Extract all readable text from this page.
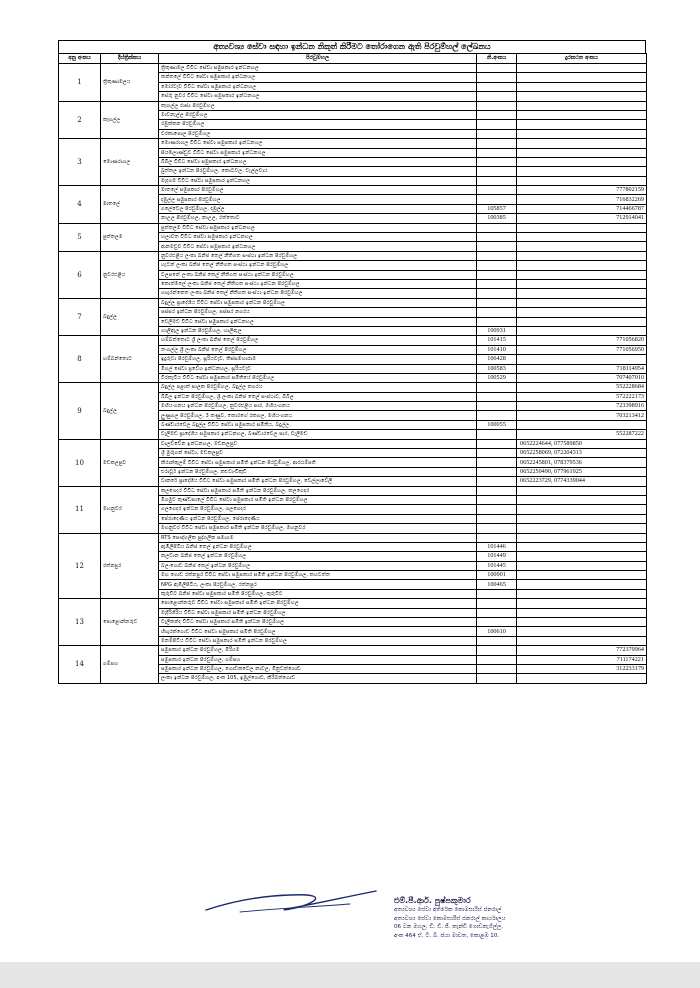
අත්‍යවශ්‍ය සේවා සඳහා ඉන්ධන නිකුත් කිරීමට තෝරාගෙන ඇති පිරවුම්හල් ලේඛනය
අනු අංකය	දිස්ත්‍රික්කය	පිරවුම්හල	නි.අංකය	දුරකථන අංකය
1	ත්‍රිකුණාමලය	ත්‍රිකුණාමල විවිධ සේවා සමුපකාර ඉන්ධනහල		
		කන්තලේ විවිධ සේවා සමුපකාර ඉන්ධනහල		
		මෝරවැව විවිධ සේවා සමුපකාර ඉන්ධනහල		
		සේරු නුවර විවිධ සේවා සමුපකාර ඉන්ධනහල		
2	කෑගල්ල	කෑගල්ල රාජ්‍ය පිරවුම්හල		
		මාවනැල්ල පිරවුම්හල		
		රඹුක්කන පිරවුම්හල		
		වරකාපොල පිරවුම්හල		
3	මොණරාගල	මොණරාගල විවිධ සේවා සමුපකාර ඉන්ධනහල		
		සියඹලාණ්ඩුව විවිධ සේවා සමුපකාර ඉන්ධනහල		
		බිබිල විවිධ සේවා සමුපකාර ඉන්ධනහල		
		බුත්තල ඉන්ධන පිරවුම්හල, කොටවල, වැල්ලවාය		
		මැදගම විවිධ සේවා සමුපකාර ඉන්ධනහල		
4	මාතලේ	මාතලේ සමුපකාර පිරවුම්හල		777802159
		දඹුල්ල සමුපකාර පිරවුම්හල		716832269
		ගලේවෙල පිරවුම්හල, දඹුල්ල	105857	714466787
		නාඋල පිරවුම්හල, නාඋල, රත්තොට	100385	712914041
5	පුත්තලම	පුත්තලම විවිධ සේවා සමුපකාර ඉන්ධනහල		
		හලාවත විවිධ සේවා සමුපකාර ඉන්ධනහල		
		ආනමඩුව විවිධ සේවා සමුපකාර ඉන්ධනහල		
6	නුවරඑළිය	නුවරඑළිය ලංකා ඛනිජ තෙල් නීතිගත සංස්ථා ඉන්ධන පිරවුම්හල		
		හැටන් ලංකා ඛනිජ තෙල් නීතිගත සංස්ථා ඉන්ධන පිරවුම්හල		
		වලපනේ ලංකා ඛනිජ තෙල් නීතිගත සංස්ථා ඉන්ධන පිරවුම්හල		
		කොත්මලේ ලංකා ඛනිජ තෙල් නීතිගත සංස්ථා ඉන්ධන පිරවුම්හල		
		හඟුරන්කෙත ලංකා ඛනිජ තෙල් නීතිගත සංස්ථා ඉන්ධන පිරවුම්හල		
7	බදුල්ල	බදුල්ල ප්‍රාදේශීය විවිධ සේවා සමුපකාර ඉන්ධන පිරවුම්හල		
		පස්සර ඉන්ධන පිරවුම්හල, පස්සර නගරය		
		වෙලිමඩ විවිධ සේවා සමුපකාර ඉන්ධනහල		
		හාලිඇල ඉන්ධන පිරවුම්හල, හාලිඇල	100931	
8	හම්බන්තොට	හම්බන්තොට ශ්‍රී ලංකා ඛනිජ තෙල් පිරවුම්හල	101415	771056820
		තංගල්ල ශ්‍රී ලංකා ඛනිජ තෙල් පිරවුම්හල	101410	771056950
		ඉදුරුවා පිරවුම්හල, සූරියවැව, තිස්සමහාරාම	106428	
		මීගල් සේවා ප්‍රවේශ ඉන්ධනහල, සූරියවැව	100583	718114954
		වීරකැටිය විවිධ සේවා සමුපකාර සමිතියේ පිරවුම්හල	100529	707407010
9	බදුල්ල	බදුල්ල පළාත් පාලක පිරවුම්හල, බදුල්ල නගරය		552228684
		බිබිල ඉන්ධන පිරවුම්හල, ශ්‍රී ලංකා ඛනිජ තෙල් සංස්ථාව, බිබිල		572222173
		මහියංගනය ඉන්ධන පිරවුම්හල, නුවරඑළිය පාර, මහියංගනය		723398916
		ලුණුගල පිරවුම්හල, 3 කණුව, කොරහේ රකගල, මහියංගනය		703213412
		බණ්ඩාරවෙල බදුල්ල විවිධ සේවා සමුපකාර සමිතිය, බදුල්ල.	100055	
		වැලිමඩ ප්‍රාදේශීය සමුපකාර ඉන්ධනහල, බණ්ඩාරවෙල පාර, වැලිමඩ		552287222
10	මඩකලපුව	වාලච්චේන ඉන්ධනහල, මඩකලපුව		0652224644, 077589850
		ශ්‍රී මුරුගන් සේවා, මඩකලපුව		0652258069, 072204313
		කිරාන්කුලම් විවිධ සේවා සමුපකාර සමිති ඉන්ධන පිරවුම්හල, ආරයම්පති		0652245801, 078379536
		එරාවූර් ඉන්ධන පිරවුම්හල, කළුවාංචිකුඩි		0652250490, 077961925
		වාකරේ ප්‍රාදේශීය විවිධ සේවා සමුපකාර සමිති ඉන්ධන පිරවුම්හල, වෙල්ලාවේලි		0652223729, 0774339044
11	මහනුවර	කලගෙදර විවිධ සේවා සමුපකාර සමිති ඉන්ධන පිරවුම්හල, කලගෙදර		
		මීගමුව කුණ්ඩසාලේ විවිධ සේවා සමුපකාර සමිති ඉන්ධන පිරවුම්හල		
		ගලගෙදර ඉන්ධන පිරවුම්හල, ගලගෙදර		
		පේරාදෙණිය ඉන්ධන පිරවුම්හල, පේරාදෙණිය		
		මහනුවර විවිධ සේවා සමුපකාර සමිති ඉන්ධන පිරවුම්හල, මහනුවර		
12	රත්නපුර	RTS පෞද්ගලික පුද්ගලික සමාගම		
		ඇඹිලිපිටිය ඛනිජ තෙල් ඉන්ධන පිරවුම්හල	101446	
		කලවාන ඛනිජ තෙල් ඉන්ධන පිරවුම්හල	101449	
		බලංගොඩ ඛනිජ තෙල් ඉන්ධන පිරවුම්හල	101445	
		මහ ගොඩ රත්නපුර විවිධ සේවා සමුපකාර සමිති ඉන්ධන පිරවුම්හල, කහවත්ත	100001	
		NPG ඇඹිලිපිටිය, ලංකා පිරවුම්හල, රත්නපුර	100465	
		කුරුවිට ඛනිජ සේවා සමුපකාර සමිති පිරවුම්හල, කුරුවිට		
13	පොළොන්නරුව	පොළොන්නරුව විවිධ සේවා සමුපකාර සමිති ඉන්ධන පිරවුම්හල		
		මැදිරිගිරිය විවිධ සේවා සමුපකාර සමිති ඉන්ධන පිරවුම්හල		
		වැලිකන්ද විවිධ සේවා සමුපකාර සමිති ඉන්ධන පිරවුම්හල		
		හිඟුරක්ගොඩ විවිධ සේවා සමුපකාර සමිති පිරවුම්හල	100610	
		මනම්පිටිය විවිධ සේවා සමුපකාර සමිති ඉන්ධන පිරවුම්හල		
14	ගම්පහ	සමුපකාර ඉන්ධන පිරවුම්හල, මීරිගම		772379964
		සමුපකාර ඉන්ධන පිරවුම්හල, ගම්පහ		711174221
		සමුපකාර ඉන්ධන පිරවුම්හල, ගොඩකවෙල නාවල, මිනුවන්ගොඩ		312233179
		ලංකා ඉන්ධන පිරවුම්හල, අංක 105, ඉඹුල්ගොඩ, කිරිබත්ගොඩ		
එම්.පී.ආර්. පුෂ්පකුමාර
අත්‍යවශ්‍ය සේවා අතිරේක කොමසාරිස් ජනරාල්
අත්‍යවශ්‍ය සේවා කොමසාරිස් ජනරාල් කාර්යාලය
06 වන මහල, ඩී. ඩී. ජී. කැන්ඩි ගොඩනැගිල්ල,
අංක 464 ඒ, ටී. බී. ජයා මාවත, කොළඹ 10.
